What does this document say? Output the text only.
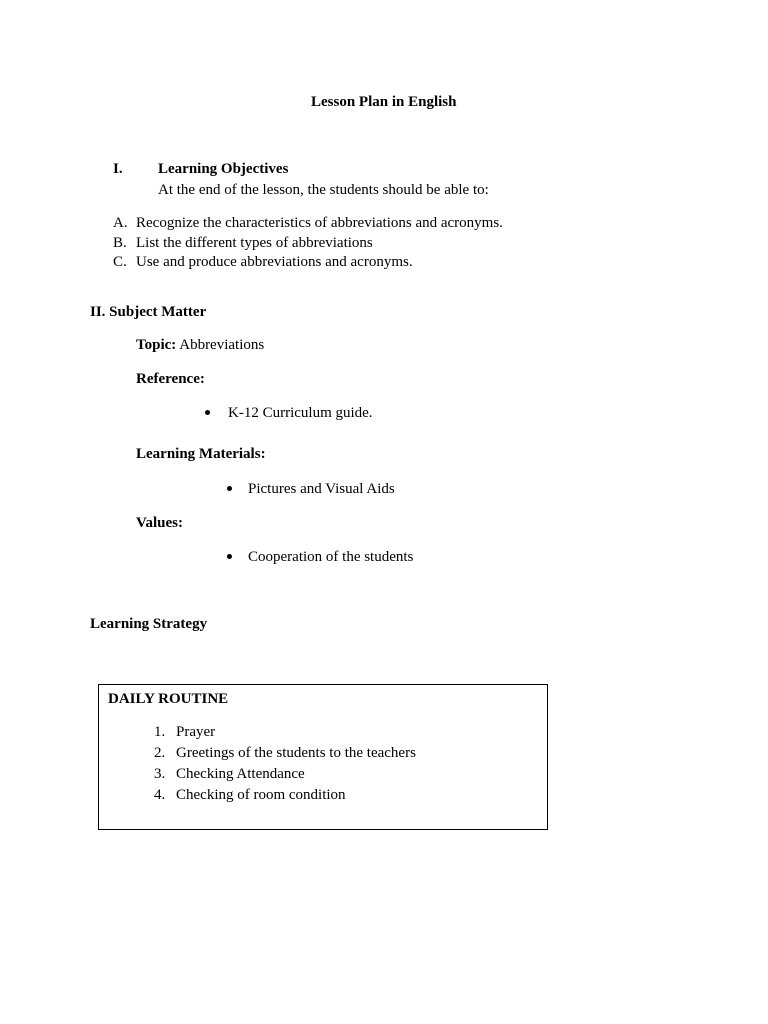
Lesson Plan in English
I. Learning Objectives
At the end of the lesson, the students should be able to:
A. Recognize the characteristics of abbreviations and acronyms.
B. List the different types of abbreviations
C. Use and produce abbreviations and acronyms.
II. Subject Matter
Topic: Abbreviations
Reference:
K-12 Curriculum guide.
Learning Materials:
Pictures and Visual Aids
Values:
Cooperation of the students
Learning Strategy
DAILY ROUTINE
1. Prayer
2. Greetings of the students to the teachers
3. Checking Attendance
4. Checking of room condition
